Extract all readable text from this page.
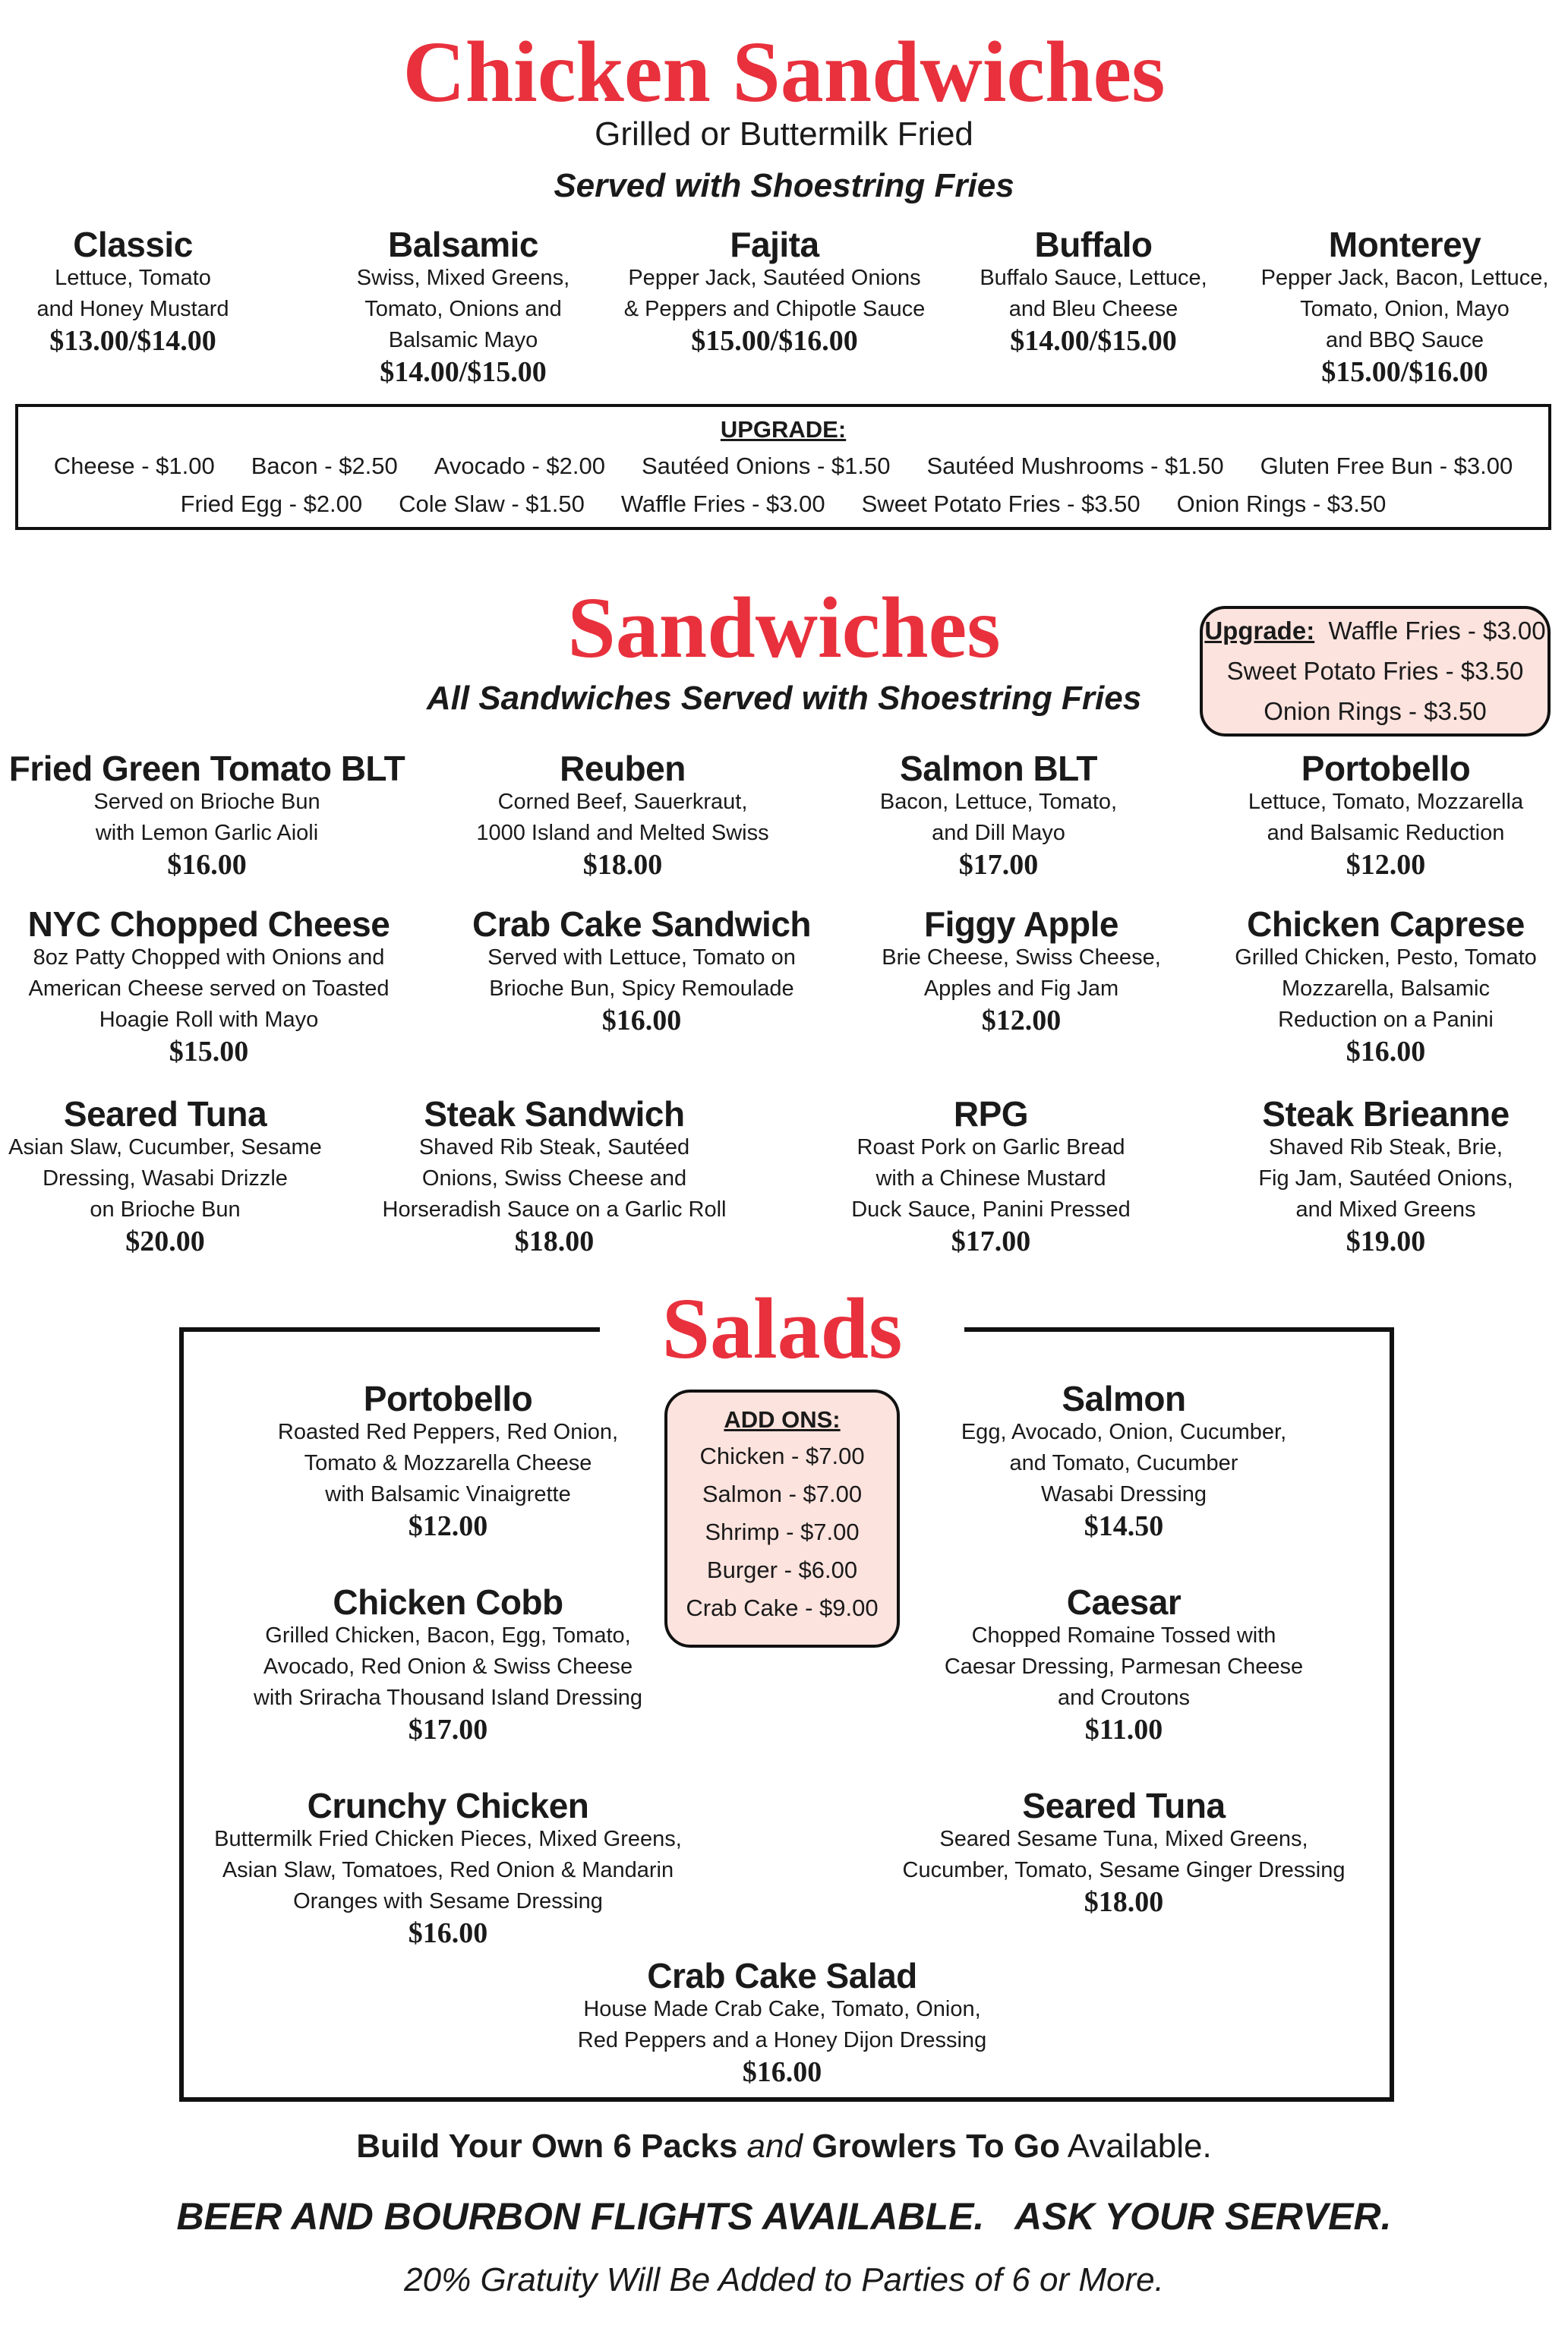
Chicken Sandwiches
Grilled or Buttermilk Fried
Served with Shoestring Fries
Classic
Lettuce, Tomato
and Honey Mustard
$13.00/$14.00
Balsamic
Swiss, Mixed Greens,
Tomato, Onions and
Balsamic Mayo
$14.00/$15.00
Fajita
Pepper Jack, Sautéed Onions
& Peppers and Chipotle Sauce
$15.00/$16.00
Buffalo
Buffalo Sauce, Lettuce,
and Bleu Cheese
$14.00/$15.00
Monterey
Pepper Jack, Bacon, Lettuce,
Tomato, Onion, Mayo
and BBQ Sauce
$15.00/$16.00
UPGRADE:
Cheese - $1.00 Bacon - $2.50 Avocado - $2.00 Sautéed Onions - $1.50 Sautéed Mushrooms - $1.50 Gluten Free Bun - $3.00
Fried Egg - $2.00 Cole Slaw - $1.50 Waffle Fries - $3.00 Sweet Potato Fries - $3.50 Onion Rings - $3.50
Sandwiches
All Sandwiches Served with Shoestring Fries
Upgrade: Waffle Fries - $3.00
Sweet Potato Fries - $3.50
Onion Rings - $3.50
Fried Green Tomato BLT
Served on Brioche Bun
with Lemon Garlic Aioli
$16.00
Reuben
Corned Beef, Sauerkraut,
1000 Island and Melted Swiss
$18.00
Salmon BLT
Bacon, Lettuce, Tomato,
and Dill Mayo
$17.00
Portobello
Lettuce, Tomato, Mozzarella
and Balsamic Reduction
$12.00
NYC Chopped Cheese
8oz Patty Chopped with Onions and
American Cheese served on Toasted
Hoagie Roll with Mayo
$15.00
Crab Cake Sandwich
Served with Lettuce, Tomato on
Brioche Bun, Spicy Remoulade
$16.00
Figgy Apple
Brie Cheese, Swiss Cheese,
Apples and Fig Jam
$12.00
Chicken Caprese
Grilled Chicken, Pesto, Tomato
Mozzarella, Balsamic
Reduction on a Panini
$16.00
Seared Tuna
Asian Slaw, Cucumber, Sesame
Dressing, Wasabi Drizzle
on Brioche Bun
$20.00
Steak Sandwich
Shaved Rib Steak, Sautéed
Onions, Swiss Cheese and
Horseradish Sauce on a Garlic Roll
$18.00
RPG
Roast Pork on Garlic Bread
with a Chinese Mustard
Duck Sauce, Panini Pressed
$17.00
Steak Brieanne
Shaved Rib Steak, Brie,
Fig Jam, Sautéed Onions,
and Mixed Greens
$19.00
Salads
ADD ONS:
Chicken - $7.00
Salmon - $7.00
Shrimp - $7.00
Burger - $6.00
Crab Cake - $9.00
Portobello
Roasted Red Peppers, Red Onion,
Tomato & Mozzarella Cheese
with Balsamic Vinaigrette
$12.00
Salmon
Egg, Avocado, Onion, Cucumber,
and Tomato, Cucumber
Wasabi Dressing
$14.50
Chicken Cobb
Grilled Chicken, Bacon, Egg, Tomato,
Avocado, Red Onion & Swiss Cheese
with Sriracha Thousand Island Dressing
$17.00
Caesar
Chopped Romaine Tossed with
Caesar Dressing, Parmesan Cheese
and Croutons
$11.00
Crunchy Chicken
Buttermilk Fried Chicken Pieces, Mixed Greens,
Asian Slaw, Tomatoes, Red Onion & Mandarin
Oranges with Sesame Dressing
$16.00
Seared Tuna
Seared Sesame Tuna, Mixed Greens,
Cucumber, Tomato, Sesame Ginger Dressing
$18.00
Crab Cake Salad
House Made Crab Cake, Tomato, Onion,
Red Peppers and a Honey Dijon Dressing
$16.00
Build Your Own 6 Packs and Growlers To Go Available.
BEER AND BOURBON FLIGHTS AVAILABLE.   ASK YOUR SERVER.
20% Gratuity Will Be Added to Parties of 6 or More.
